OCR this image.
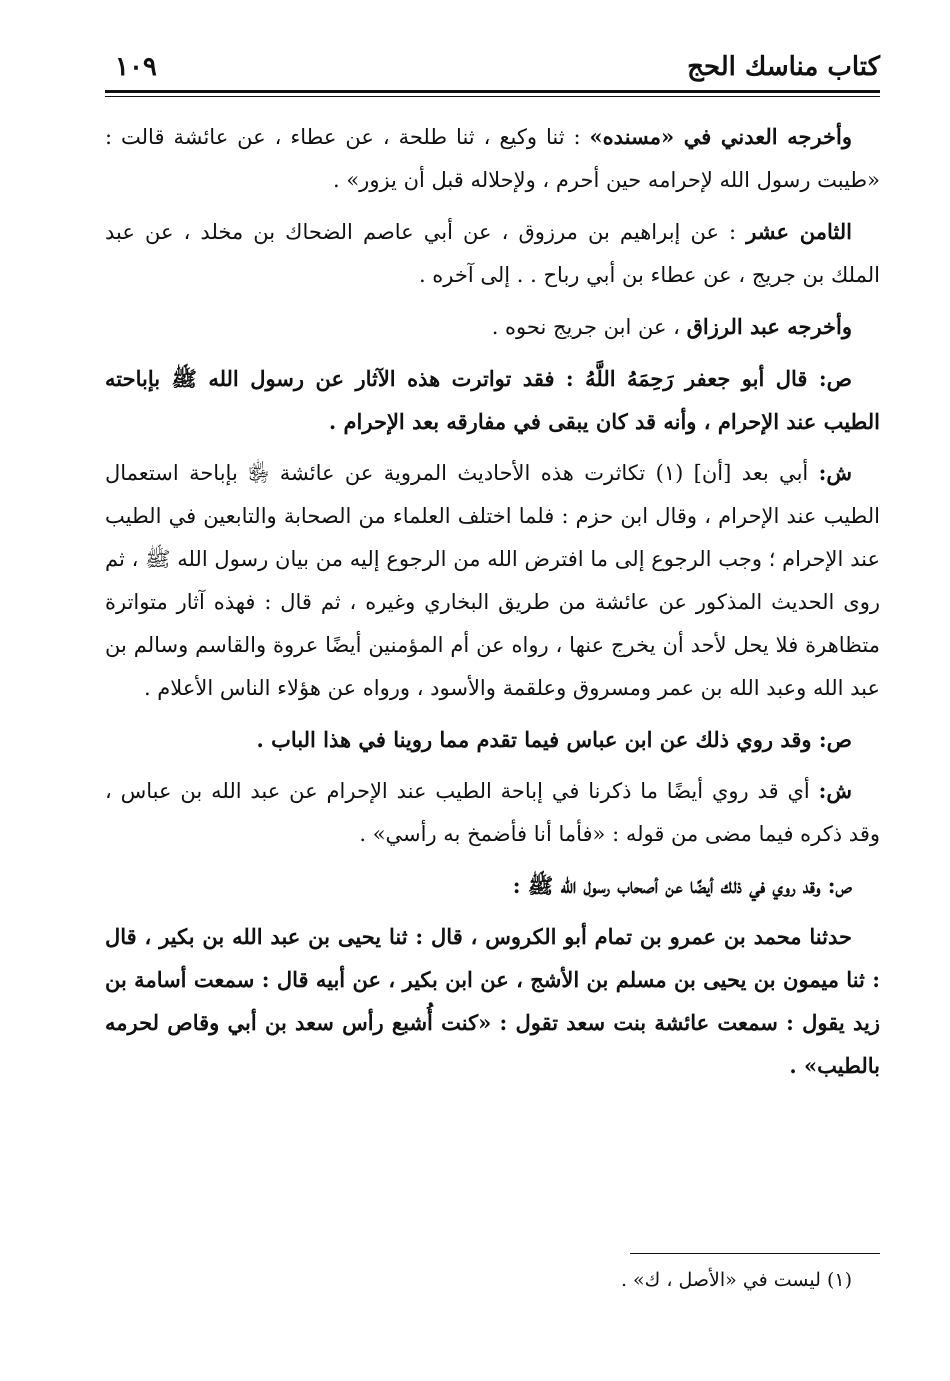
كتاب مناسك الحج
١٠٩

وأخرجه العدني في «مسنده» : ثنا وكيع ، ثنا طلحة ، عن عطاء ، عن عائشة قالت : «طيبت رسول الله لإحرامه حين أحرم ، ولإحلاله قبل أن يزور» .

الثامن عشر : عن إبراهيم بن مرزوق ، عن أبي عاصم الضحاك بن مخلد ، عن عبد الملك بن جريج ، عن عطاء بن أبي رباح . . إلى آخره .

وأخرجه عبد الرزاق ، عن ابن جريج نحوه .

ص: قال أبو جعفر رَحِمَهُ اللَّهُ : فقد تواترت هذه الآثار عن رسول الله ﷺ بإباحته الطيب عند الإحرام ، وأنه قد كان يبقى في مفارقه بعد الإحرام .

ش: أبي بعد [أن] (١) تكاثرت هذه الأحاديث المروية عن عائشة ﵂ بإباحة استعمال الطيب عند الإحرام ، وقال ابن حزم : فلما اختلف العلماء من الصحابة والتابعين في الطيب عند الإحرام ؛ وجب الرجوع إلى ما افترض الله من الرجوع إليه من بيان رسول الله ﷺ ، ثم روى الحديث المذكور عن عائشة من طريق البخاري وغيره ، ثم قال : فهذه آثار متواترة متظاهرة فلا يحل لأحد أن يخرج عنها ، رواه عن أم المؤمنين أيضًا عروة والقاسم وسالم بن عبد الله وعبد الله بن عمر ومسروق وعلقمة والأسود ، ورواه عن هؤلاء الناس الأعلام .

ص: وقد روي ذلك عن ابن عباس فيما تقدم مما روينا في هذا الباب .

ش: أي قد روي أيضًا ما ذكرنا في إباحة الطيب عند الإحرام عن عبد الله بن عباس ، وقد ذكره فيما مضى من قوله : «فأما أنا فأضمخ به رأسي» .

ص: وقد روي في ذلك أيضًا عن أصحاب رسول الله ﷺ :

حدثنا محمد بن عمرو بن تمام أبو الكروس ، قال : ثنا يحيى بن عبد الله بن بكير ، قال : ثنا ميمون بن يحيى بن مسلم بن الأشج ، عن ابن بكير ، عن أبيه قال : سمعت أسامة بن زيد يقول : سمعت عائشة بنت سعد تقول : «كنت أُشبع رأس سعد بن أبي وقاص لحرمه بالطيب» .

(١) ليست في «الأصل ، ك» .
